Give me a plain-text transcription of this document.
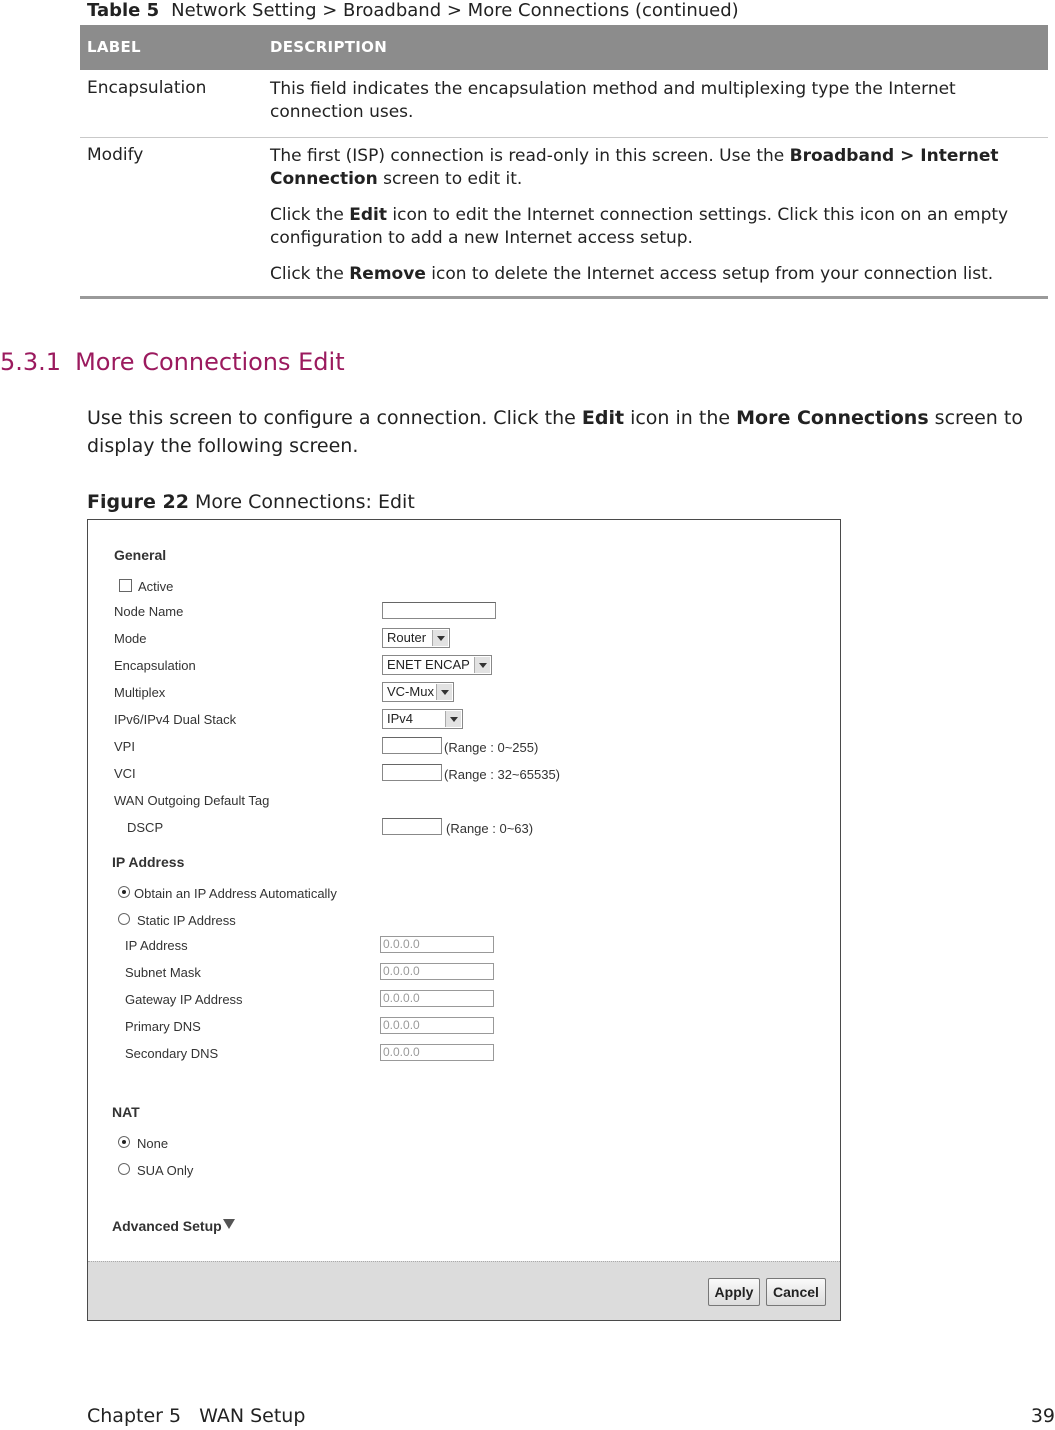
Table 5 Network Setting > Broadband > More Connections (continued)
LABEL	DESCRIPTION
Encapsulation	This field indicates the encapsulation method and multiplexing type the Internet connection uses.

Modify	The first (ISP) connection is read-only in this screen. Use the Broadband > Internet Connection screen to edit it.

Click the Edit icon to edit the Internet connection settings. Click this icon on an empty configuration to add a new Internet access setup.

Click the Remove icon to delete the Internet access setup from your connection list.

5.3.1 More Connections Edit
Use this screen to configure a connection. Click the Edit icon in the More Connections screen to display the following screen.
Figure 22 More Connections: Edit
General
Active
Node Name
Mode	Router
Encapsulation	ENET ENCAP
Multiplex	VC-Mux
IPv6/IPv4 Dual Stack	IPv4
VPI	(Range : 0~255)
VCI	(Range : 32~65535)
WAN Outgoing Default Tag
DSCP	(Range : 0~63)
IP Address
Obtain an IP Address Automatically
Static IP Address
IP Address	0.0.0.0
Subnet Mask	0.0.0.0
Gateway IP Address	0.0.0.0
Primary DNS	0.0.0.0
Secondary DNS	0.0.0.0
NAT
None
SUA Only
Advanced Setup
Apply	Cancel
Chapter 5 WAN Setup	39
